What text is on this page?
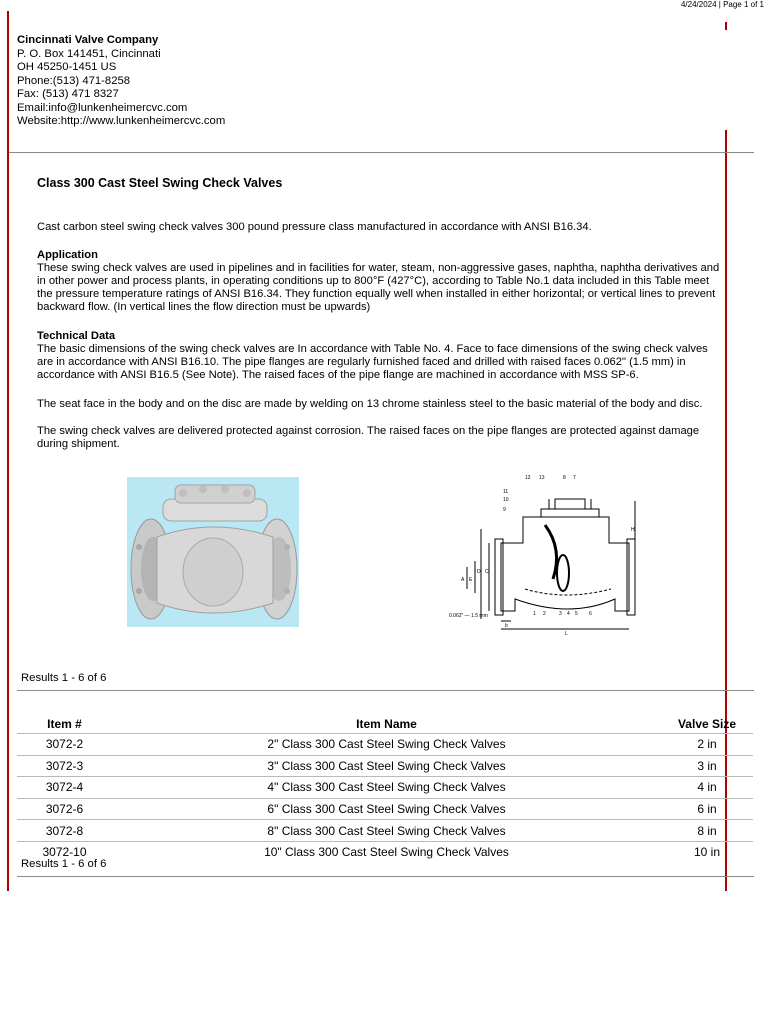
4/24/2024 | Page 1 of 1
Cincinnati Valve Company
P. O. Box 141451, Cincinnati
OH 45250-1451 US
Phone:(513) 471-8258
Fax: (513) 471 8327
Email:info@lunkenheimercvc.com
Website:http://www.lunkenheimercvc.com
Class 300 Cast Steel Swing Check Valves
Cast carbon steel swing check valves 300 pound pressure class manufactured in accordance with ANSI B16.34.
Application
These swing check valves are used in pipelines and in facilities for water, steam, non-aggressive gases, naphtha, naphtha derivatives and in other power and process plants, in operating conditions up to 800°F (427°C), according to Table No.1 data included in this Table meet the pressure temperature ratings of ANSI B16.34. They function equally well when installed in either horizontal; or vertical lines to prevent backward flow. (In vertical lines the flow direction must be upwards)
Technical Data
The basic dimensions of the swing check valves are In accordance with Table No. 4. Face to face dimensions of the swing check valves are in accordance with ANSI B16.10. The pipe flanges are regularly furnished faced and drilled with raised faces 0.062" (1.5 mm) in accordance with ANSI B16.5 (See Note). The raised faces of the pipe flange are machined in accordance with MSS SP-6.
The seat face in the body and on the disc are made by welding on 13 chrome stainless steel to the basic material of the body and disc.
The swing check valves are delivered protected against corrosion. The raised faces on the pipe flanges are protected against damage during shipment.
12 13	8 7
11
10
9
1 2	3 4 5 6
H
D C
E
A
b
L
0.062" — 1.5 mm
Results 1 - 6 of 6
Item #	Item Name	Valve Size
3072-2	2" Class 300 Cast Steel Swing Check Valves	2 in
3072-3	3" Class 300 Cast Steel Swing Check Valves	3 in
3072-4	4" Class 300 Cast Steel Swing Check Valves	4 in
3072-6	6" Class 300 Cast Steel Swing Check Valves	6 in
3072-8	8" Class 300 Cast Steel Swing Check Valves	8 in
3072-10	10" Class 300 Cast Steel Swing Check Valves	10 in
Results 1 - 6 of 6
